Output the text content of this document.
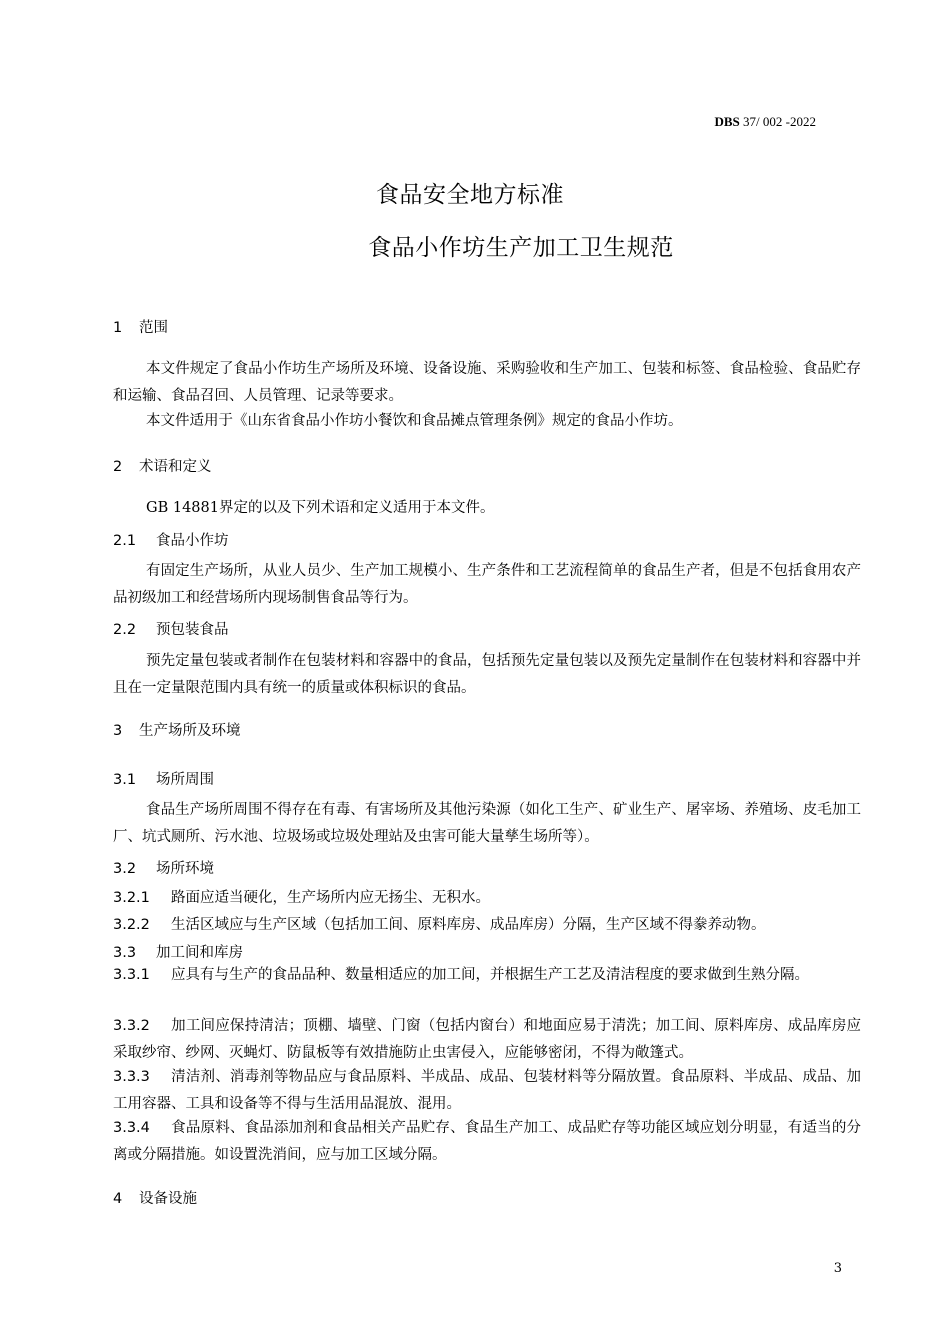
DBS 37/ 002 -2022
食品安全地方标准
食品小作坊生产加工卫生规范
1 范围
本文件规定了食品小作坊生产场所及环境、设备设施、采购验收和生产加工、包装和标签、食品检验、食品贮存和运输、食品召回、人员管理、记录等要求。
本文件适用于《山东省食品小作坊小餐饮和食品摊点管理条例》规定的食品小作坊。
2 术语和定义
GB 14881界定的以及下列术语和定义适用于本文件。
2.1 食品小作坊
有固定生产场所，从业人员少、生产加工规模小、生产条件和工艺流程简单的食品生产者，但是不包括食用农产品初级加工和经营场所内现场制售食品等行为。
2.2 预包装食品
预先定量包装或者制作在包装材料和容器中的食品，包括预先定量包装以及预先定量制作在包装材料和容器中并且在一定量限范围内具有统一的质量或体积标识的食品。
3 生产场所及环境
3.1 场所周围
食品生产场所周围不得存在有毒、有害场所及其他污染源（如化工生产、矿业生产、屠宰场、养殖场、皮毛加工厂、坑式厕所、污水池、垃圾场或垃圾处理站及虫害可能大量孳生场所等）。
3.2 场所环境
3.2.1 路面应适当硬化，生产场所内应无扬尘、无积水。
3.2.2 生活区域应与生产区域（包括加工间、原料库房、成品库房）分隔，生产区域不得豢养动物。
3.3 加工间和库房
3.3.1 应具有与生产的食品品种、数量相适应的加工间，并根据生产工艺及清洁程度的要求做到生熟分隔。
3.3.2 加工间应保持清洁；顶棚、墙壁、门窗（包括内窗台）和地面应易于清洗；加工间、原料库房、成品库房应采取纱帘、纱网、灭蝇灯、防鼠板等有效措施防止虫害侵入，应能够密闭，不得为敞篷式。
3.3.3 清洁剂、消毒剂等物品应与食品原料、半成品、成品、包装材料等分隔放置。食品原料、半成品、成品、加工用容器、工具和设备等不得与生活用品混放、混用。
3.3.4 食品原料、食品添加剂和食品相关产品贮存、食品生产加工、成品贮存等功能区域应划分明显，有适当的分离或分隔措施。如设置洗消间，应与加工区域分隔。
4 设备设施
3
